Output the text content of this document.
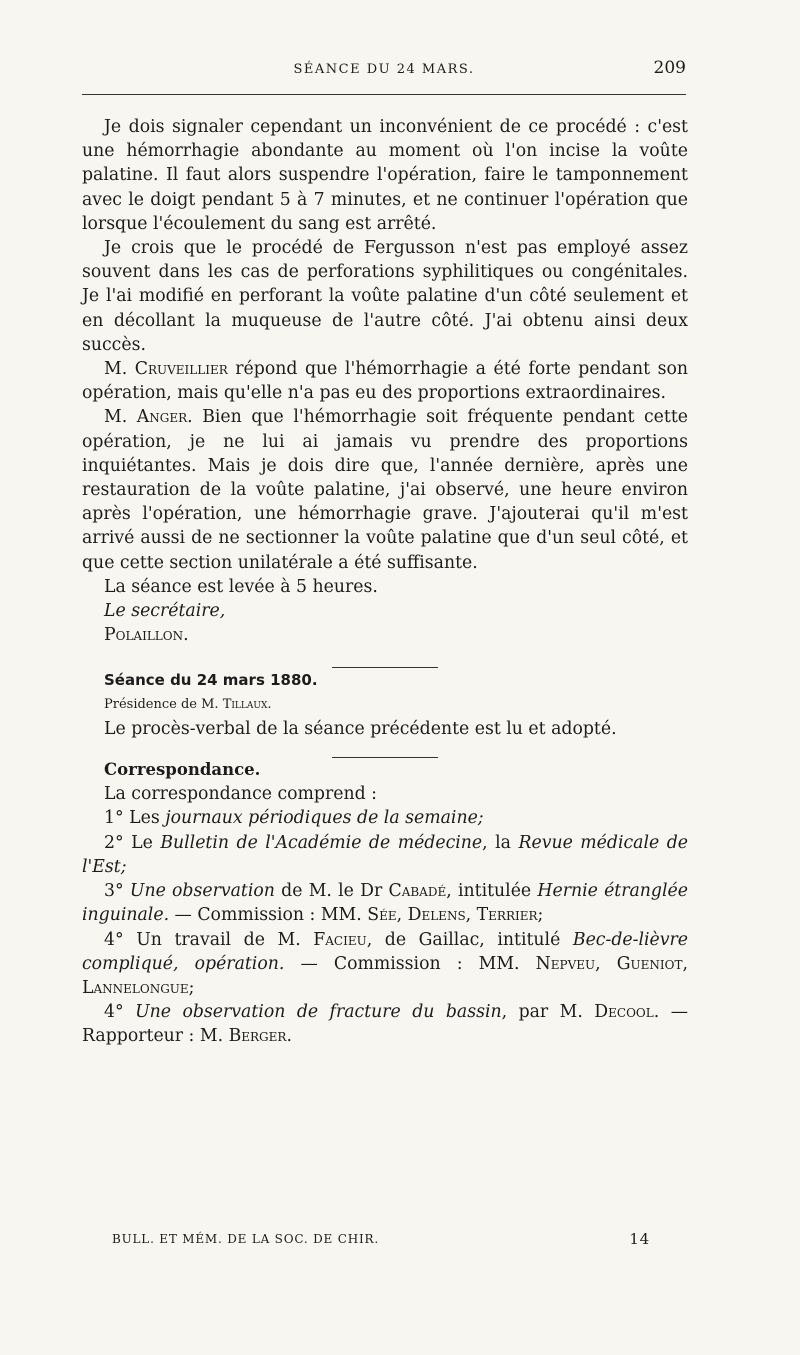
SÉANCE DU 24 MARS.	209

Je dois signaler cependant un inconvénient de ce procédé : c'est une hémorrhagie abondante au moment où l'on incise la voûte palatine. Il faut alors suspendre l'opération, faire le tamponnement avec le doigt pendant 5 à 7 minutes, et ne continuer l'opération que lorsque l'écoulement du sang est arrêté.

Je crois que le procédé de Fergusson n'est pas employé assez souvent dans les cas de perforations syphilitiques ou congénitales. Je l'ai modifié en perforant la voûte palatine d'un côté seulement et en décollant la muqueuse de l'autre côté. J'ai obtenu ainsi deux succès.

M. Cruveillier répond que l'hémorrhagie a été forte pendant son opération, mais qu'elle n'a pas eu des proportions extraordinaires.

M. Anger. Bien que l'hémorrhagie soit fréquente pendant cette opération, je ne lui ai jamais vu prendre des proportions inquiétantes. Mais je dois dire que, l'année dernière, après une restauration de la voûte palatine, j'ai observé, une heure environ après l'opération, une hémorrhagie grave. J'ajouterai qu'il m'est arrivé aussi de ne sectionner la voûte palatine que d'un seul côté, et que cette section unilatérale a été suffisante.

La séance est levée à 5 heures.

Le secrétaire,

Polaillon.

Séance du 24 mars 1880.

Présidence de M. Tillaux.

Le procès-verbal de la séance précédente est lu et adopté.

Correspondance.

La correspondance comprend :

1° Les journaux périodiques de la semaine;

2° Le Bulletin de l'Académie de médecine, la Revue médicale de l'Est;

3° Une observation de M. le Dr Cabadé, intitulée Hernie étranglée inguinale. — Commission : MM. Sée, Delens, Terrier;

4° Un travail de M. Facieu, de Gaillac, intitulé Bec-de-lièvre compliqué, opération. — Commission : MM. Nepveu, Gueniot, Lannelongue;

4° Une observation de fracture du bassin, par M. Decool. — Rapporteur : M. Berger.

BULL. ET MÉM. DE LA SOC. DE CHIR.	14
